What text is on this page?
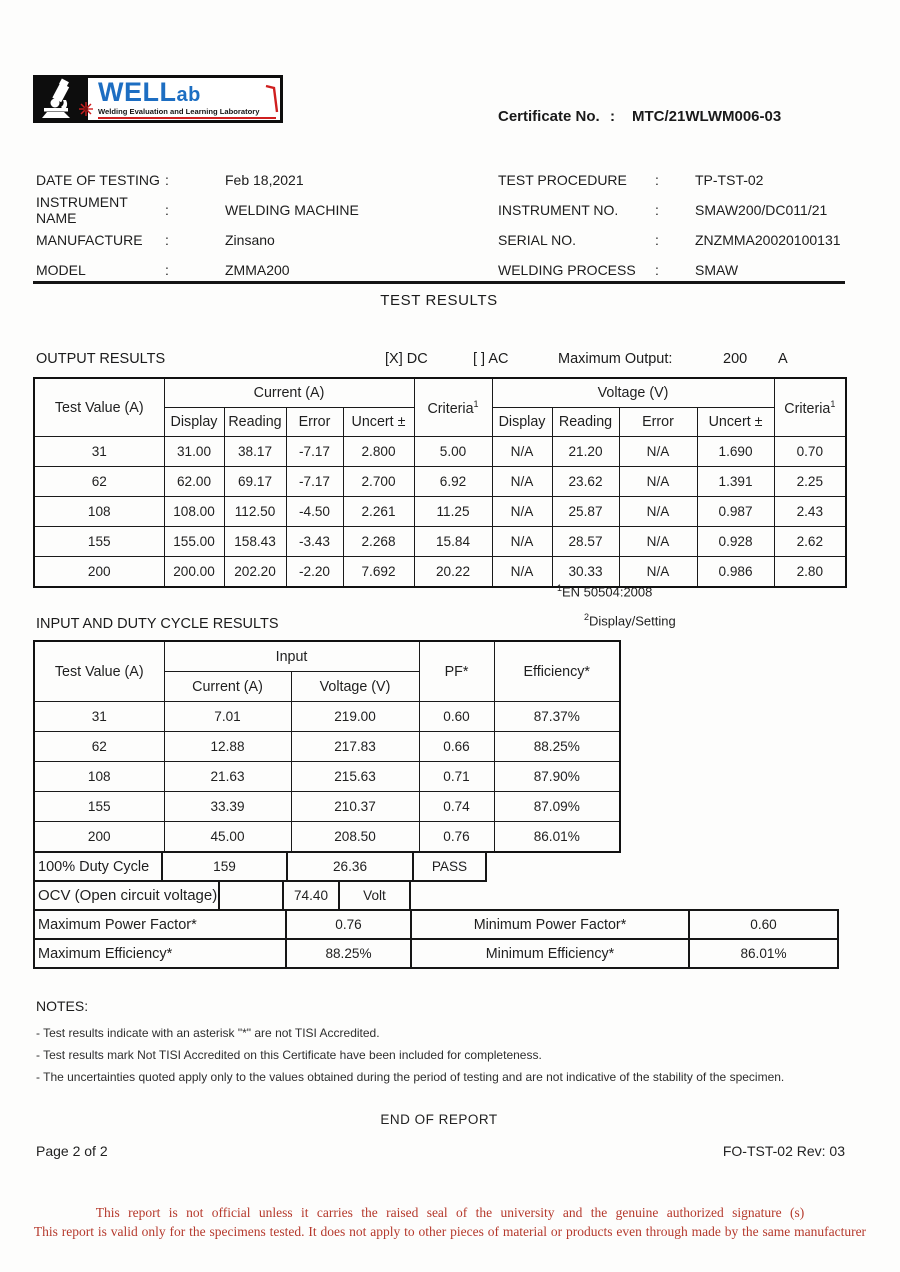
WELLab
Welding Evaluation and Learning Laboratory	Certificate No. :	MTC/21WLWM006-03
DATE OF TESTING :	Feb 18,2021
INSTRUMENT NAME	:	WELDING MACHINE
MANUFACTURE	:	Zinsano
MODEL	:	ZMMA200
TEST PROCEDURE	:	TP-TST-02
INSTRUMENT NO.	:	SMAW200/DC011/21
SERIAL NO.	:	ZNZMMA20020100131
WELDING PROCESS	:	SMAW
TEST RESULTS
OUTPUT RESULTS	[X] DC	[ ] AC	Maximum Output:	200 A
Test Value (A)	Current (A)				Criteria$^1$	Voltage (V)				Criteria$^1$
	Display	Reading	Error	Uncert ±		Display	Reading	Error	Uncert ±	
31	31.00	38.17	-7.17	2.800	5.00	N/A	21.20	N/A	1.690	0.70
62	62.00	69.17	-7.17	2.700	6.92	N/A	23.62	N/A	1.391	2.25
108	108.00	112.50	-4.50	2.261	11.25	N/A	25.87	N/A	0.987	2.43
155	155.00	158.43	-3.43	2.268	15.84	N/A	28.57	N/A	0.928	2.62
200	200.00	202.20	-2.20	7.692	20.22	N/A	30.33	N/A	0.986	2.80
$^1$EN 50504:2008
$^2$Display/Setting
INPUT AND DUTY CYCLE RESULTS
Test Value (A)	Input		PF*	Efficiency*
	Current (A)	Voltage (V)		
31	7.01	219.00	0.60	87.37%
62	12.88	217.83	0.66	88.25%
108	21.63	215.63	0.71	87.90%
155	33.39	210.37	0.74	87.09%
200	45.00	208.50	0.76	86.01%
100% Duty Cycle	159	26.36	PASS
OCV (Open circuit voltage)	74.40	Volt
Maximum Power Factor*	0.76	Minimum Power Factor*	0.60
Maximum Efficiency*	88.25%	Minimum Efficiency*	86.01%
NOTES:
- Test results indicate with an asterisk "*" are not TISI Accredited.
- Test results mark Not TISI Accredited on this Certificate have been included for completeness.
- The uncertainties quoted apply only to the values obtained during the period of testing and are not indicative of the stability of the specimen.
END OF REPORT
Page 2 of 2	FO-TST-02 Rev: 03
This report is not official unless it carries the raised seal of the university and the genuine authorized signature (s)
This report is valid only for the specimens tested. It does not apply to other pieces of material or products even through made by the same manufacturer
